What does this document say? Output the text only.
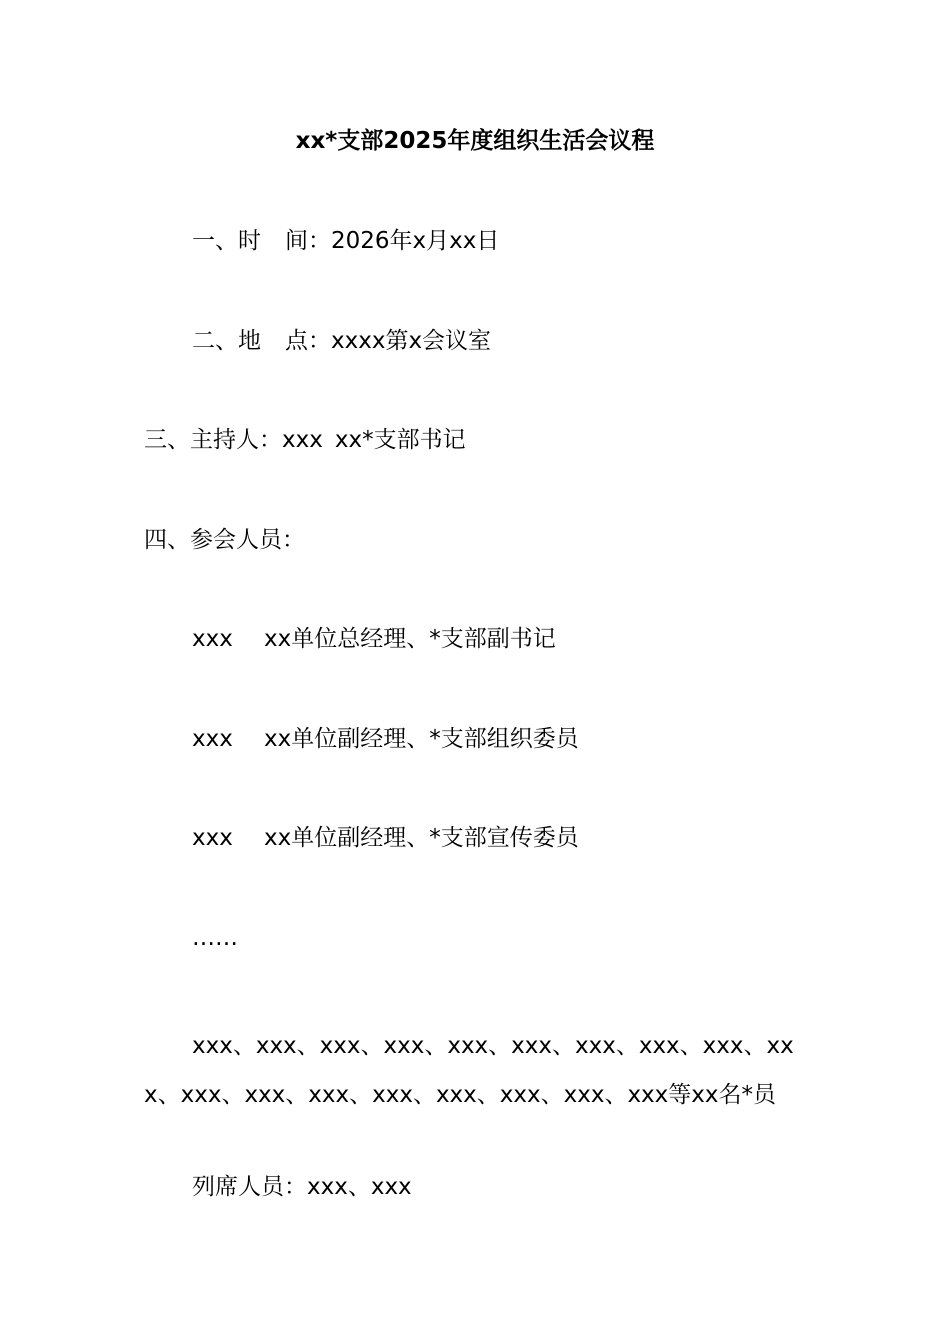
xx*支部2025年度组织生活会议程

一、时 间：2026年x月xx日

二、地 点：xxxx第x会议室

三、主持人：xxx xx*支部书记

四、参会人员：

xxx xx单位总经理、*支部副书记

xxx xx单位副经理、*支部组织委员

xxx xx单位副经理、*支部宣传委员

……

xxx、xxx、xxx、xxx、xxx、xxx、xxx、xxx、xxx、xxx、xxx、xxx、xxx、xxx、xxx、xxx、xxx、xxx等xx名*员

列席人员：xxx、xxx
